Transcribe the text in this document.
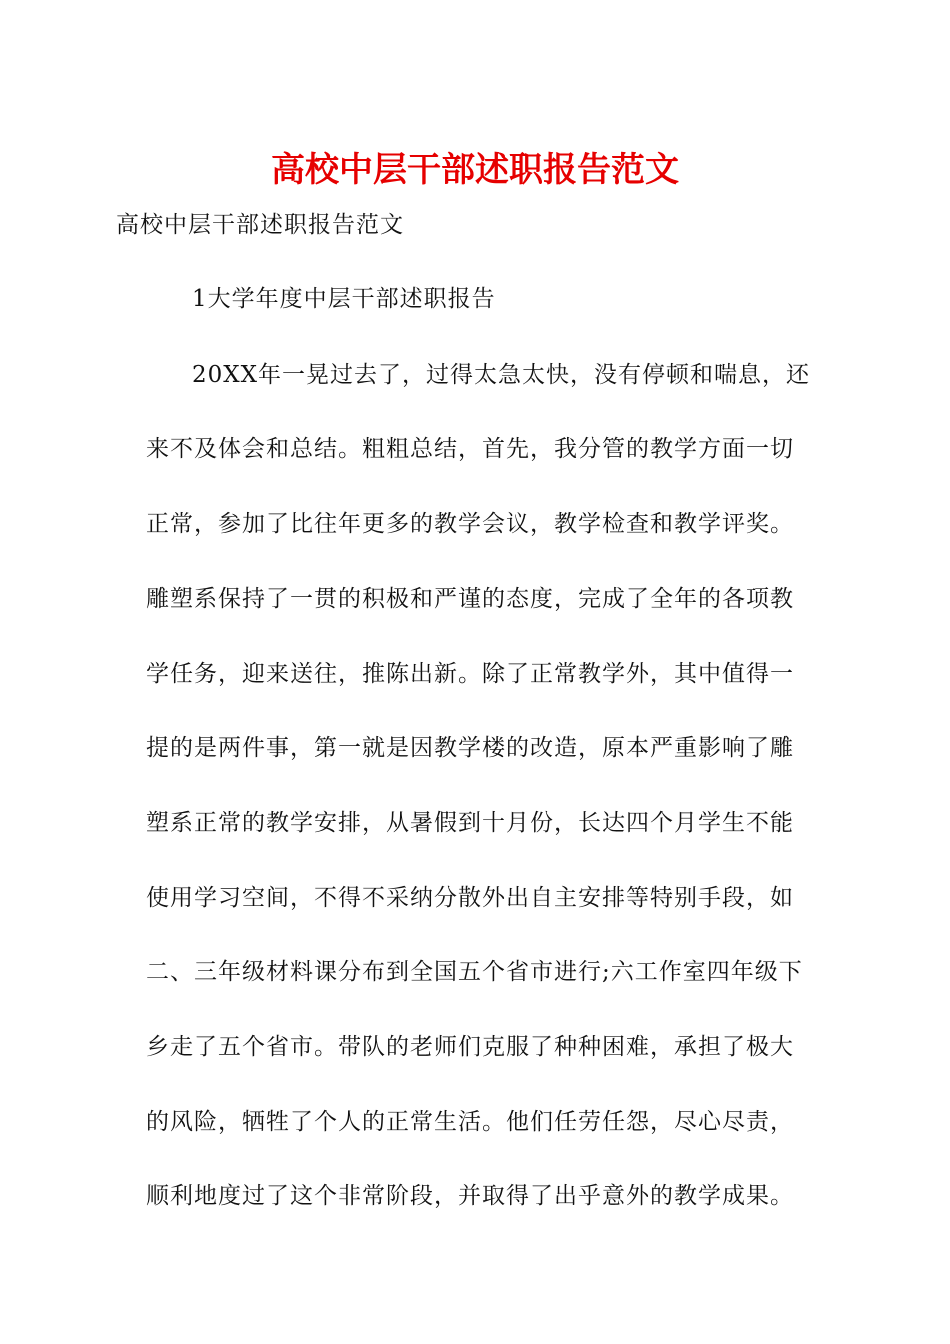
高校中层干部述职报告范文
高校中层干部述职报告范文
1大学年度中层干部述职报告
20XX年一晃过去了，过得太急太快，没有停顿和喘息，还
来不及体会和总结。粗粗总结，首先，我分管的教学方面一切
正常，参加了比往年更多的教学会议，教学检查和教学评奖。
雕塑系保持了一贯的积极和严谨的态度，完成了全年的各项教
学任务，迎来送往，推陈出新。除了正常教学外，其中值得一
提的是两件事，第一就是因教学楼的改造，原本严重影响了雕
塑系正常的教学安排，从暑假到十月份，长达四个月学生不能
使用学习空间，不得不采纳分散外出自主安排等特别手段，如
二、三年级材料课分布到全国五个省市进行;六工作室四年级下
乡走了五个省市。带队的老师们克服了种种困难，承担了极大
的风险，牺牲了个人的正常生活。他们任劳任怨，尽心尽责，
顺利地度过了这个非常阶段，并取得了出乎意外的教学成果。
